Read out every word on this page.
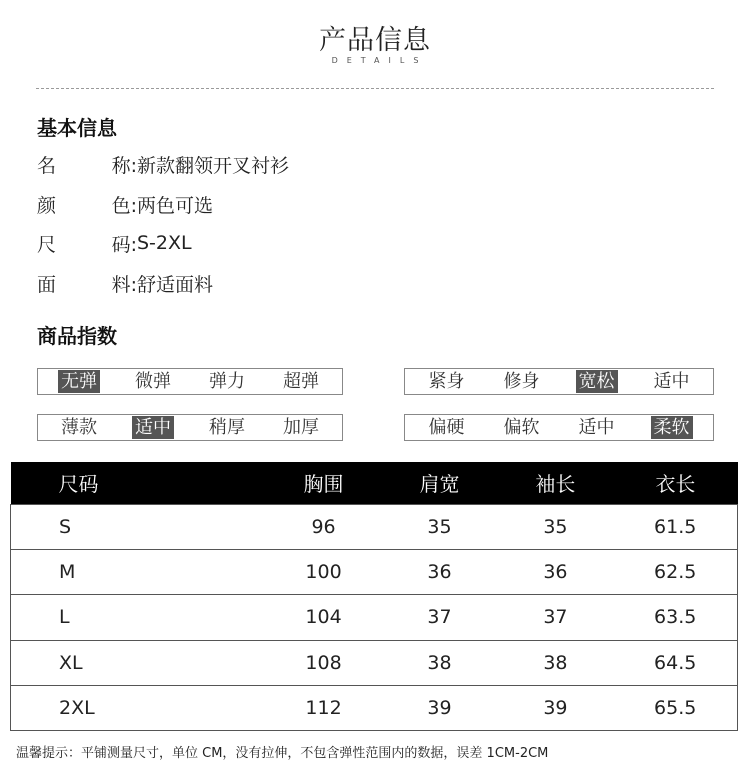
产品信息
DETAILS
基本信息
名	称: 新款翻领开叉衬衫
颜	色: 两色可选
尺	码: S-2XL
面	料: 舒适面料
商品指数
无弹 微弹 弹力 超弹	紧身 修身 宽松 适中
薄款 适中 稍厚 加厚	偏硬 偏软 适中 柔软
尺码	胸围	肩宽	袖长	衣长
S	96	35	35	61.5
M	100	36	36	62.5
L	104	37	37	63.5
XL	108	38	38	64.5
2XL	112	39	39	65.5
温馨提示：平铺测量尺寸，单位 CM，没有拉伸，不包含弹性范围内的数据，误差 1CM-2CM
